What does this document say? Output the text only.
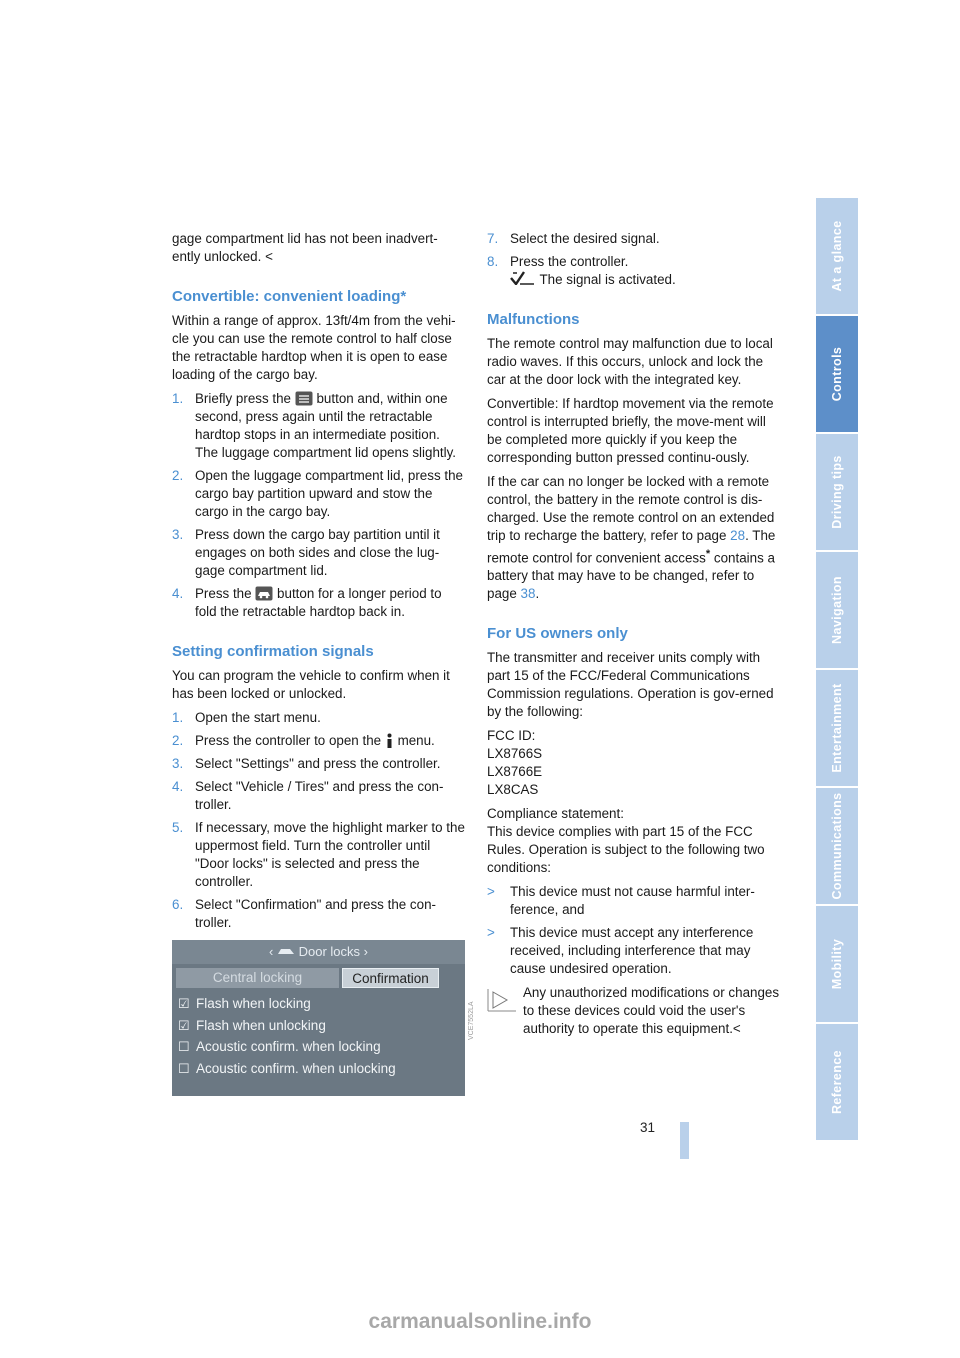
gage compartment lid has not been inadvert-ently unlocked. <

Convertible: convenient loading*

Within a range of approx. 13ft/4m from the vehi-cle you can use the remote control to half close the retractable hardtop when it is open to ease loading of the cargo bay.

1. Briefly press the button and, within one second, press again until the retractable hardtop stops in an intermediate position. The luggage compartment lid opens slightly.
2. Open the luggage compartment lid, press the cargo bay partition upward and stow the cargo in the cargo bay.
3. Press down the cargo bay partition until it engages on both sides and close the lug-gage compartment lid.
4. Press the button for a longer period to fold the retractable hardtop back in.
Setting confirmation signals

You can program the vehicle to confirm when it has been locked or unlocked.

1. Open the start menu.
2. Press the controller to open the menu.
3. Select "Settings" and press the controller.
4. Select "Vehicle / Tires" and press the con-troller.
5. If necessary, move the highlight marker to the uppermost field. Turn the controller until "Door locks" is selected and press the controller.
6. Select "Confirmation" and press the con-troller.
‹  Door locks ›
Central locking	Confirmation
☑ Flash when locking
☑ Flash when unlocking
☐ Acoustic confirm. when locking
☐ Acoustic confirm. when unlocking
VCE7552LA
7. Select the desired signal.
8. Press the controller.
The signal is activated.
Malfunctions

The remote control may malfunction due to local radio waves. If this occurs, unlock and lock the car at the door lock with the integrated key.

Convertible: If hardtop movement via the remote control is interrupted briefly, the move-ment will be completed more quickly if you keep the corresponding button pressed continu-ously.

If the car can no longer be locked with a remote control, the battery in the remote control is dis-charged. Use the remote control on an extended trip to recharge the battery, refer to page 28. The remote control for convenient access* contains a battery that may have to be changed, refer to page 38.

For US owners only

The transmitter and receiver units comply with part 15 of the FCC/Federal Communications Commission regulations. Operation is gov-erned by the following:

FCC ID:
LX8766S
LX8766E
LX8CAS

Compliance statement:
This device complies with part 15 of the FCC Rules. Operation is subject to the following two conditions:

>	This device must not cause harmful inter-ference, and
>	This device must accept any interference received, including interference that may cause undesired operation.
Any unauthorized modifications or changes to these devices could void the user's authority to operate this equipment.<
At a glance
Controls
Driving tips
Navigation
Entertainment
Communications
Mobility
Reference
31
carmanualsonline.info
